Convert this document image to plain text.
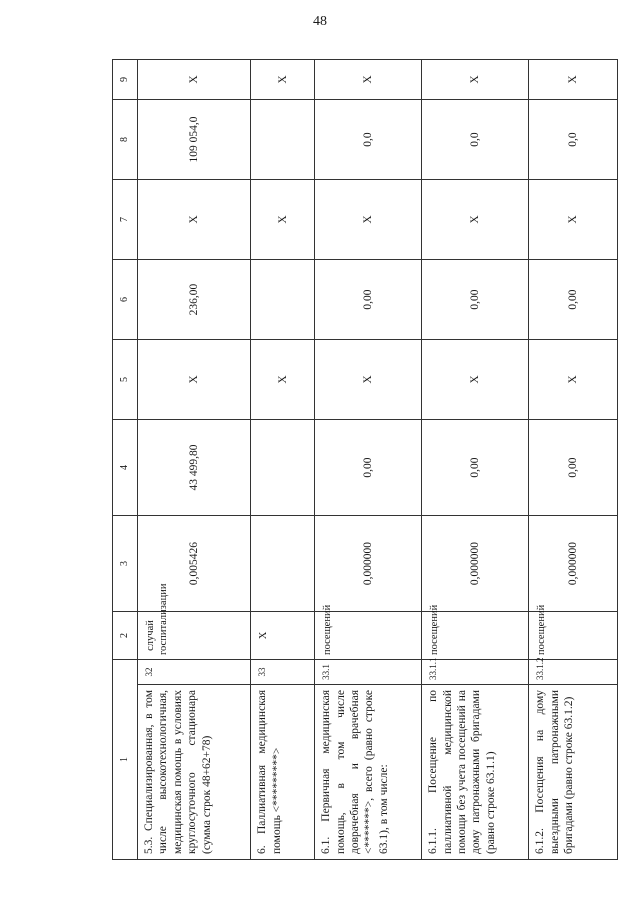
48
1		2	3	4	5	6	7	8	9
5.3. Специализированная, в том числе высокотехнологичная, медицинская помощь в условиях круглосуточного стационара (сумма строк 48+62+78)	32	случай госпитализации	0,005426	43 499,80	X	236,00	X	109 054,0	X
6. Паллиативная медицинская помощь <*********>	33	X			X		X		X
6.1. Первичная медицинская помощь, в том числе доврачебная и врачебная <*******>, всего (равно строке 63.1), в том числе:	33.1	посещений	0,000000	0,00	X	0,00	X	0,0	X
6.1.1. Посещение по паллиативной медицинской помощи без учета посещений на дому патронажными бригадами (равно строке 63.1.1)	33.1.1	посещений	0,000000	0,00	X	0,00	X	0,0	X
6.1.2. Посещения на дому выездными патронажными бригадами (равно строке 63.1.2)	33.1.2	посещений	0,000000	0,00	X	0,00	X	0,0	X
